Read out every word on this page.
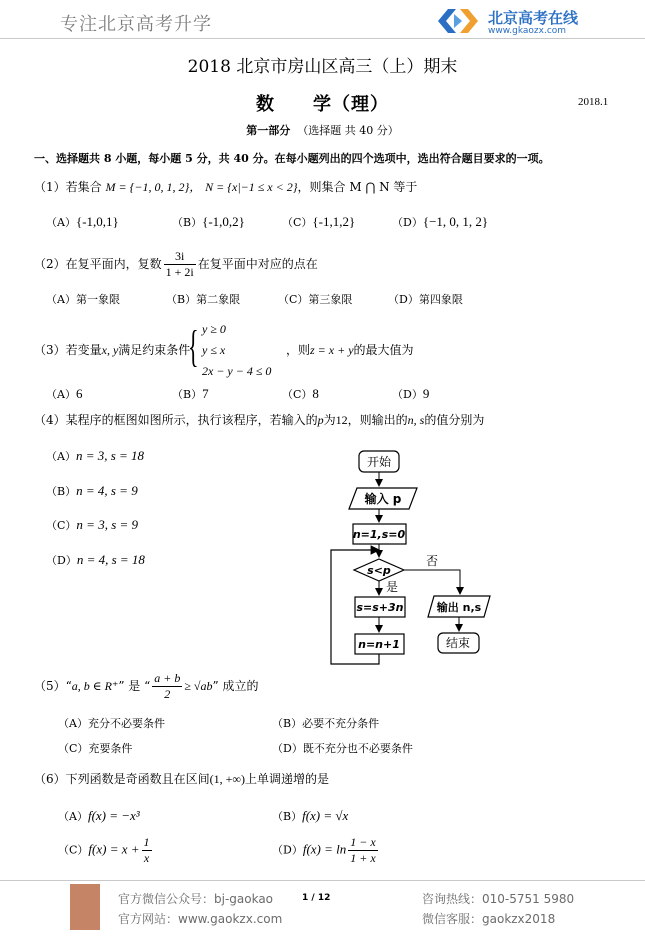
专注北京高考升学	北京高考在线
www.gkaozx.com
2018 北京市房山区高三（上）期末
数　　学（理）	2018.1
第一部分 （选择题 共 40 分）
一、选择题共 8 小题，每小题 5 分，共 40 分。在每小题列出的四个选项中，选出符合题目要求的一项。
（1）若集合 M = {−1, 0, 1, 2}， N = {x|−1 ≤ x < 2}，则集合 M ⋂ N 等于
（A）{-1,0,1}	（B）{-1,0,2}	（C）{-1,1,2}	（D）{−1, 0, 1, 2}
（2）在复平面内，复数 $\frac{3i}{1 + 2i}$ 在复平面中对应的点在
（A）第一象限	（B）第二象限	（C）第三象限	（D）第四象限
（3）若变量x, y满足约束条件
{ y ≥ 0
y ≤ x
2x − y − 4 ≤ 0
，则z = x + y的最大值为
（A）6	（B）7	（C）8	（D）9
（4）某程序的框图如图所示，执行该程序，若输入的p为12，则输出的n, s的值分别为
（A）n = 3, s = 18
（B）n = 4, s = 9
（C）n = 3, s = 9
（D）n = 4, s = 18
开始
输入 p
n=1,s=0
s<p
否
是
s=s+3n
n=n+1
输出 n,s
结束
（5）“a, b ∈ R⁺” 是 “ $\frac{a + b}{2} \ge √ab$” 成立的
（A）充分不必要条件	（B）必要不充分条件
（C）充要条件	（D）既不充分也不必要条件
（6）下列函数是奇函数且在区间(1, +∞)上单调递增的是
（A）f(x) = −x³	（B）f(x) = √x
$(C)f(x) = x + \frac{1}{x}$	$(D)f(x) = \ln \frac{1 - x}{1 + x}$
官方微信公众号：bj-gaokao
官方网站：www.gaokzx.com
1 / 12	咨询热线：010-5751 5980
微信客服：gaokzx2018
